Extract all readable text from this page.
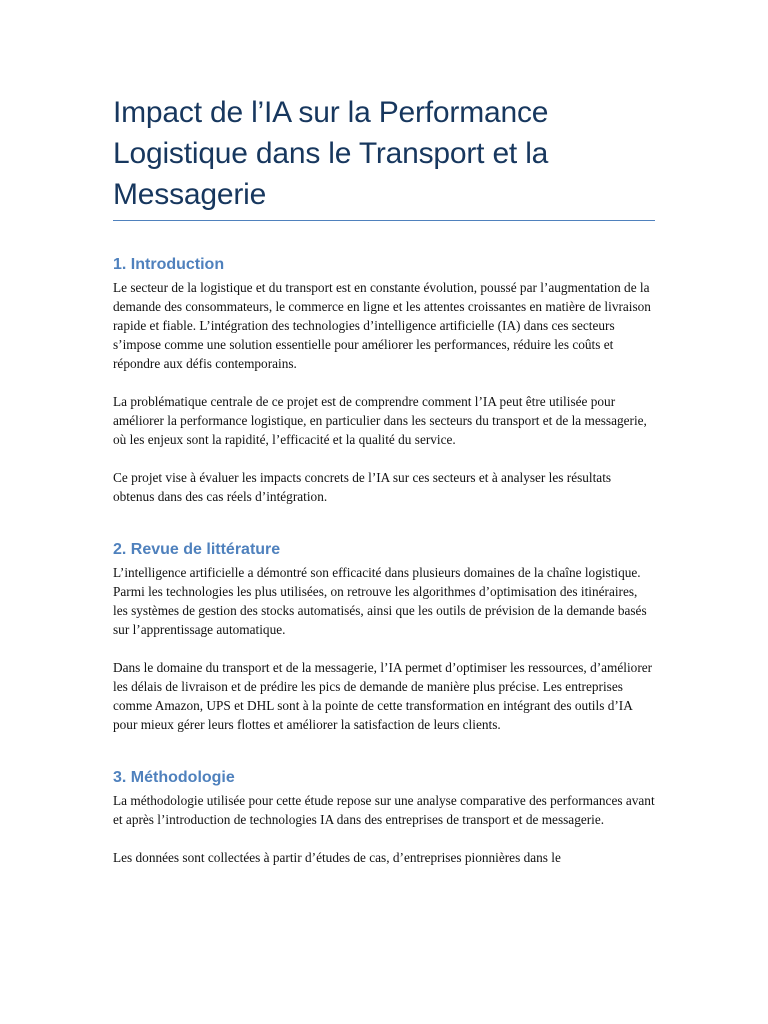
Impact de l’IA sur la Performance Logistique dans le Transport et la Messagerie
1. Introduction

Le secteur de la logistique et du transport est en constante évolution, poussé par l’augmentation de la demande des consommateurs, le commerce en ligne et les attentes croissantes en matière de livraison rapide et fiable. L’intégration des technologies d’intelligence artificielle (IA) dans ces secteurs s’impose comme une solution essentielle pour améliorer les performances, réduire les coûts et répondre aux défis contemporains.

La problématique centrale de ce projet est de comprendre comment l’IA peut être utilisée pour améliorer la performance logistique, en particulier dans les secteurs du transport et de la messagerie, où les enjeux sont la rapidité, l’efficacité et la qualité du service.

Ce projet vise à évaluer les impacts concrets de l’IA sur ces secteurs et à analyser les résultats obtenus dans des cas réels d’intégration.

2. Revue de littérature

L’intelligence artificielle a démontré son efficacité dans plusieurs domaines de la chaîne logistique. Parmi les technologies les plus utilisées, on retrouve les algorithmes d’optimisation des itinéraires, les systèmes de gestion des stocks automatisés, ainsi que les outils de prévision de la demande basés sur l’apprentissage automatique.

Dans le domaine du transport et de la messagerie, l’IA permet d’optimiser les ressources, d’améliorer les délais de livraison et de prédire les pics de demande de manière plus précise. Les entreprises comme Amazon, UPS et DHL sont à la pointe de cette transformation en intégrant des outils d’IA pour mieux gérer leurs flottes et améliorer la satisfaction de leurs clients.

3. Méthodologie

La méthodologie utilisée pour cette étude repose sur une analyse comparative des performances avant et après l’introduction de technologies IA dans des entreprises de transport et de messagerie.

Les données sont collectées à partir d’études de cas, d’entreprises pionnières dans le
